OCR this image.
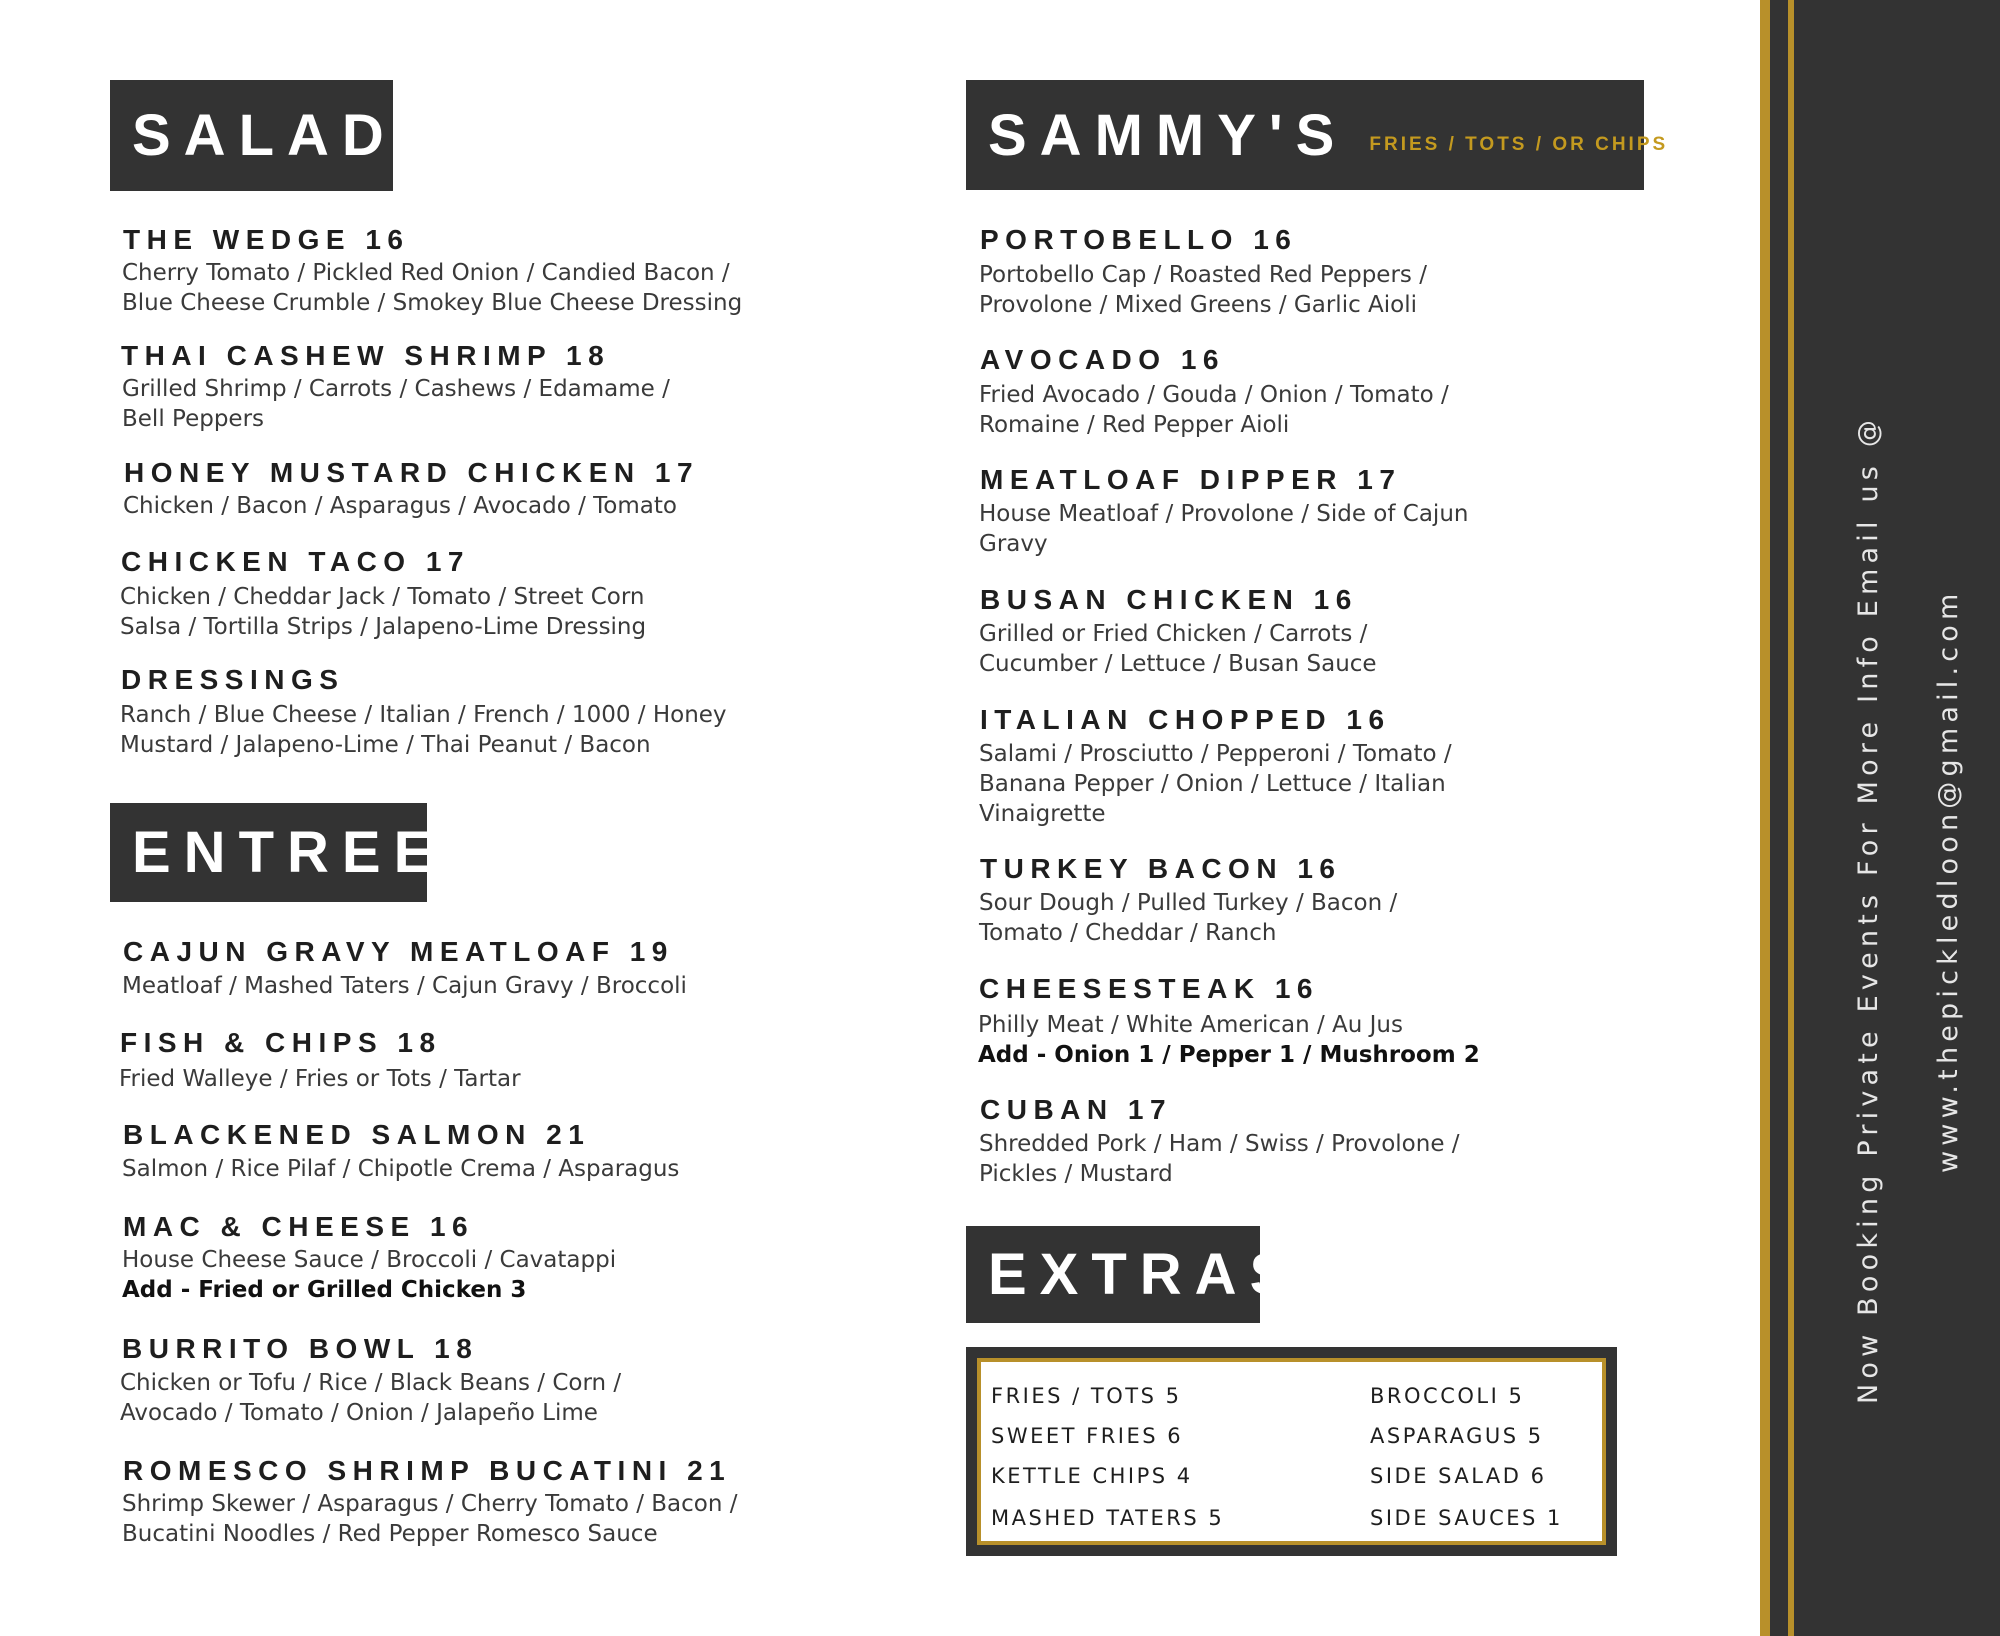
SALADS
THE WEDGE 16
Cherry Tomato / Pickled Red Onion / Candied Bacon /
Blue Cheese Crumble / Smokey Blue Cheese Dressing
THAI CASHEW SHRIMP 18
Grilled Shrimp / Carrots / Cashews / Edamame /
Bell Peppers
HONEY MUSTARD CHICKEN 17
Chicken / Bacon / Asparagus / Avocado / Tomato
CHICKEN TACO 17
Chicken / Cheddar Jack / Tomato / Street Corn
Salsa / Tortilla Strips / Jalapeno-Lime Dressing
DRESSINGS
Ranch / Blue Cheese / Italian / French / 1000 / Honey
Mustard / Jalapeno-Lime / Thai Peanut / Bacon
ENTREES
CAJUN GRAVY MEATLOAF 19
Meatloaf / Mashed Taters / Cajun Gravy / Broccoli
FISH & CHIPS 18
Fried Walleye / Fries or Tots / Tartar
BLACKENED SALMON 21
Salmon / Rice Pilaf / Chipotle Crema / Asparagus
MAC & CHEESE 16
House Cheese Sauce / Broccoli / Cavatappi
Add - Fried or Grilled Chicken 3
BURRITO BOWL 18
Chicken or Tofu / Rice / Black Beans / Corn /
Avocado / Tomato / Onion / Jalapeño Lime
ROMESCO SHRIMP BUCATINI 21
Shrimp Skewer / Asparagus / Cherry Tomato / Bacon /
Bucatini Noodles / Red Pepper Romesco Sauce
SAMMY'S FRIES / TOTS / OR CHIPS
PORTOBELLO 16
Portobello Cap / Roasted Red Peppers /
Provolone / Mixed Greens / Garlic Aioli
AVOCADO 16
Fried Avocado / Gouda / Onion / Tomato /
Romaine / Red Pepper Aioli
MEATLOAF DIPPER 17
House Meatloaf / Provolone / Side of Cajun
Gravy
BUSAN CHICKEN 16
Grilled or Fried Chicken / Carrots /
Cucumber / Lettuce / Busan Sauce
ITALIAN CHOPPED 16
Salami / Prosciutto / Pepperoni / Tomato /
Banana Pepper / Onion / Lettuce / Italian
Vinaigrette
TURKEY BACON 16
Sour Dough / Pulled Turkey / Bacon /
Tomato / Cheddar / Ranch
CHEESESTEAK 16
Philly Meat / White American / Au Jus
Add - Onion 1 / Pepper 1 / Mushroom 2
CUBAN 17
Shredded Pork / Ham / Swiss / Provolone /
Pickles / Mustard
EXTRAS
FRIES / TOTS 5
SWEET FRIES 6
KETTLE CHIPS 4
MASHED TATERS 5
BROCCOLI 5
ASPARAGUS 5
SIDE SALAD 6
SIDE SAUCES 1
Now Booking Private Events For More Info Email us @ www.thepickledloon@gmail.com
